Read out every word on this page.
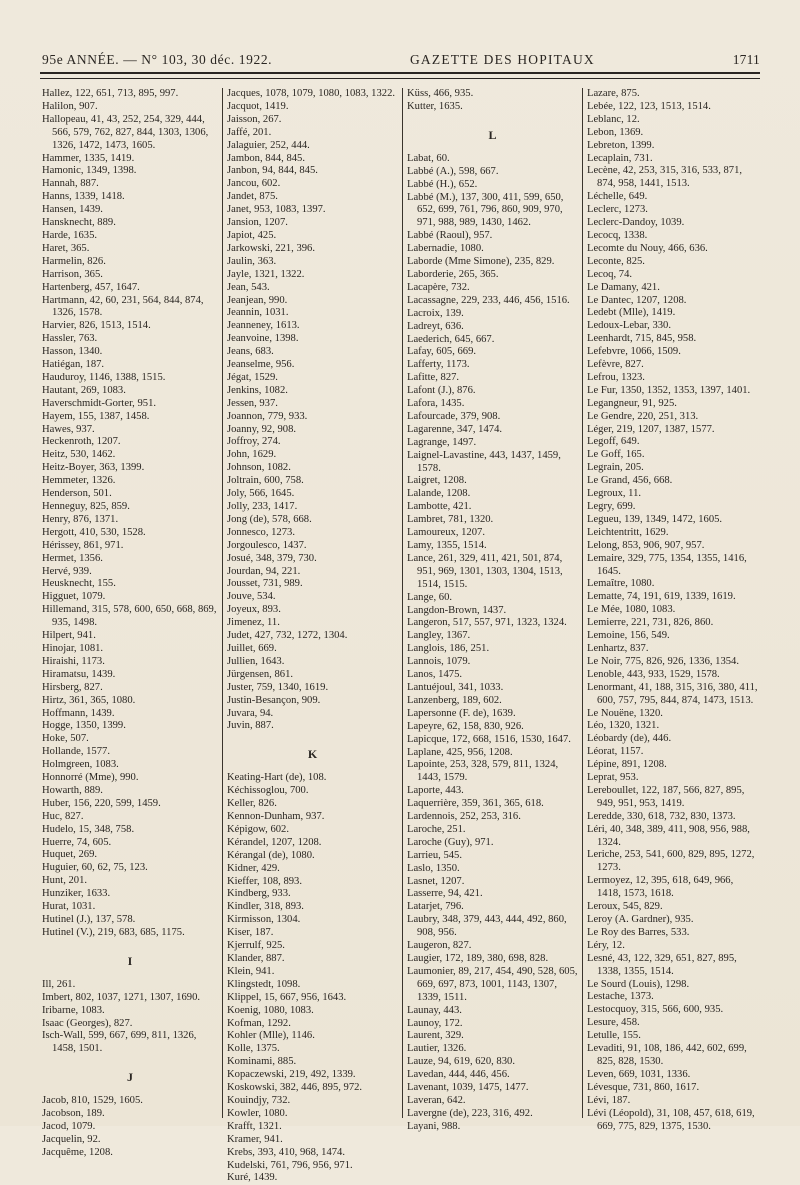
95e ANNÉE. — N° 103, 30 déc. 1922.	GAZETTE DES HOPITAUX	1711

Hallez, 122, 651, 713, 895, 997.

Halilon, 907.

Hallopeau, 41, 43, 252, 254, 329, 444, 566, 579, 762, 827, 844, 1303, 1306, 1326, 1472, 1473, 1605.

Hammer, 1335, 1419.

Hamonic, 1349, 1398.

Hannah, 887.

Hanns, 1339, 1418.

Hansen, 1439.

Hansknecht, 889.

Harde, 1635.

Haret, 365.

Harmelin, 826.

Harrison, 365.

Hartenberg, 457, 1647.

Hartmann, 42, 60, 231, 564, 844, 874, 1326, 1578.

Harvier, 826, 1513, 1514.

Hassler, 763.

Hasson, 1340.

Hatiégan, 187.

Hauduroy, 1146, 1388, 1515.

Hautant, 269, 1083.

Haverschmidt-Gorter, 951.

Hayem, 155, 1387, 1458.

Hawes, 937.

Heckenroth, 1207.

Heitz, 530, 1462.

Heitz-Boyer, 363, 1399.

Hemmeter, 1326.

Henderson, 501.

Henneguy, 825, 859.

Henry, 876, 1371.

Hergott, 410, 530, 1528.

Hérissey, 861, 971.

Hermet, 1356.

Hervé, 939.

Heusknecht, 155.

Higguet, 1079.

Hillemand, 315, 578, 600, 650, 668, 869, 935, 1498.

Hilpert, 941.

Hinojar, 1081.

Hiraishi, 1173.

Hiramatsu, 1439.

Hirsberg, 827.

Hirtz, 361, 365, 1080.

Hoffmann, 1439.

Hogge, 1350, 1399.

Hoke, 507.

Hollande, 1577.

Holmgreen, 1083.

Honnorré (Mme), 990.

Howarth, 889.

Huber, 156, 220, 599, 1459.

Huc, 827.

Hudelo, 15, 348, 758.

Huerre, 74, 605.

Huquet, 269.

Huguier, 60, 62, 75, 123.

Hunt, 201.

Hunziker, 1633.

Hurat, 1031.

Hutinel (J.), 137, 578.

Hutinel (V.), 219, 683, 685, 1175.

I

Ill, 261.

Imbert, 802, 1037, 1271, 1307, 1690.

Iribarne, 1083.

Isaac (Georges), 827.

Isch-Wall, 599, 667, 699, 811, 1326, 1458, 1501.

J

Jacob, 810, 1529, 1605.

Jacobson, 189.

Jacod, 1079.

Jacquelin, 92.

Jacquême, 1208.

Jacques, 1078, 1079, 1080, 1083, 1322.

Jacquot, 1419.

Jaisson, 267.

Jaffé, 201.

Jalaguier, 252, 444.

Jambon, 844, 845.

Janbon, 94, 844, 845.

Jancou, 602.

Jandet, 875.

Janet, 953, 1083, 1397.

Jansion, 1207.

Japiot, 425.

Jarkowski, 221, 396.

Jaulin, 363.

Jayle, 1321, 1322.

Jean, 543.

Jeanjean, 990.

Jeannin, 1031.

Jeanneney, 1613.

Jeanvoine, 1398.

Jeans, 683.

Jeanselme, 956.

Jégat, 1529.

Jenkins, 1082.

Jessen, 937.

Joannon, 779, 933.

Joanny, 92, 908.

Joffroy, 274.

John, 1629.

Johnson, 1082.

Joltrain, 600, 758.

Joly, 566, 1645.

Jolly, 233, 1417.

Jong (de), 578, 668.

Jonnesco, 1273.

Jorgoulesco, 1437.

Josué, 348, 379, 730.

Jourdan, 94, 221.

Jousset, 731, 989.

Jouve, 534.

Joyeux, 893.

Jimenez, 11.

Judet, 427, 732, 1272, 1304.

Juillet, 669.

Jullien, 1643.

Jürgensen, 861.

Juster, 759, 1340, 1619.

Justin-Besançon, 909.

Juvara, 94.

Juvin, 887.

K

Keating-Hart (de), 108.

Kéchissoglou, 700.

Keller, 826.

Kennon-Dunham, 937.

Képigow, 602.

Kérandel, 1207, 1208.

Kérangal (de), 1080.

Kidner, 429.

Kieffer, 108, 893.

Kindberg, 933.

Kindler, 318, 893.

Kirmisson, 1304.

Kiser, 187.

Kjerrulf, 925.

Klander, 887.

Klein, 941.

Klingstedt, 1098.

Klippel, 15, 667, 956, 1643.

Koenig, 1080, 1083.

Kofman, 1292.

Kohler (Mlle), 1146.

Kolle, 1375.

Kominami, 885.

Kopaczewski, 219, 492, 1339.

Koskowski, 382, 446, 895, 972.

Kouindjy, 732.

Kowler, 1080.

Krafft, 1321.

Kramer, 941.

Krebs, 393, 410, 968, 1474.

Kudelski, 761, 796, 956, 971.

Kuré, 1439.

Küss, 466, 935.

Kutter, 1635.

L

Labat, 60.

Labbé (A.), 598, 667.

Labbé (H.), 652.

Labbé (M.), 137, 300, 411, 599, 650, 652, 699, 761, 796, 860, 909, 970, 971, 988, 989, 1430, 1462.

Labbé (Raoul), 957.

Labernadie, 1080.

Laborde (Mme Simone), 235, 829.

Laborderie, 265, 365.

Lacapère, 732.

Lacassagne, 229, 233, 446, 456, 1516.

Lacroix, 139.

Ladreyt, 636.

Laederich, 645, 667.

Lafay, 605, 669.

Lafferty, 1173.

Lafitte, 827.

Lafont (J.), 876.

Lafora, 1435.

Lafourcade, 379, 908.

Lagarenne, 347, 1474.

Lagrange, 1497.

Laignel-Lavastine, 443, 1437, 1459, 1578.

Laigret, 1208.

Lalande, 1208.

Lambotte, 421.

Lambret, 781, 1320.

Lamoureux, 1207.

Lamy, 1355, 1514.

Lance, 261, 329, 411, 421, 501, 874, 951, 969, 1301, 1303, 1304, 1513, 1514, 1515.

Lange, 60.

Langdon-Brown, 1437.

Langeron, 517, 557, 971, 1323, 1324.

Langley, 1367.

Langlois, 186, 251.

Lannois, 1079.

Lanos, 1475.

Lantuéjoul, 341, 1033.

Lanzenberg, 189, 602.

Lapersonne (F. de), 1639.

Lapeyre, 62, 158, 830, 926.

Lapicque, 172, 668, 1516, 1530, 1647.

Laplane, 425, 956, 1208.

Lapointe, 253, 328, 579, 811, 1324, 1443, 1579.

Laporte, 443.

Laquerrière, 359, 361, 365, 618.

Lardennois, 252, 253, 316.

Laroche, 251.

Laroche (Guy), 971.

Larrieu, 545.

Laslo, 1350.

Lasnet, 1207.

Lasserre, 94, 421.

Latarjet, 796.

Laubry, 348, 379, 443, 444, 492, 860, 908, 956.

Laugeron, 827.

Laugier, 172, 189, 380, 698, 828.

Laumonier, 89, 217, 454, 490, 528, 605, 669, 697, 873, 1001, 1143, 1307, 1339, 1511.

Launay, 443.

Launoy, 172.

Laurent, 329.

Lautier, 1326.

Lauze, 94, 619, 620, 830.

Lavedan, 444, 446, 456.

Lavenant, 1039, 1475, 1477.

Laveran, 642.

Lavergne (de), 223, 316, 492.

Layani, 988.

Lazare, 875.

Lebée, 122, 123, 1513, 1514.

Leblanc, 12.

Lebon, 1369.

Lebreton, 1399.

Lecaplain, 731.

Lecène, 42, 253, 315, 316, 533, 871, 874, 958, 1441, 1513.

Léchelle, 649.

Leclerc, 1273.

Leclerc-Dandoy, 1039.

Lecocq, 1338.

Lecomte du Nouy, 466, 636.

Leconte, 825.

Lecoq, 74.

Le Damany, 421.

Le Dantec, 1207, 1208.

Ledebt (Mlle), 1419.

Ledoux-Lebar, 330.

Leenhardt, 715, 845, 958.

Lefebvre, 1066, 1509.

Lefèvre, 827.

Lefrou, 1323.

Le Fur, 1350, 1352, 1353, 1397, 1401.

Legangneur, 91, 925.

Le Gendre, 220, 251, 313.

Léger, 219, 1207, 1387, 1577.

Legoff, 649.

Le Goff, 165.

Legrain, 205.

Le Grand, 456, 668.

Legroux, 11.

Legry, 699.

Legueu, 139, 1349, 1472, 1605.

Leichtentritt, 1629.

Lelong, 853, 906, 907, 957.

Lemaire, 329, 775, 1354, 1355, 1416, 1645.

Lemaître, 1080.

Lematte, 74, 191, 619, 1339, 1619.

Le Mée, 1080, 1083.

Lemierre, 221, 731, 826, 860.

Lemoine, 156, 549.

Lenhartz, 837.

Le Noir, 775, 826, 926, 1336, 1354.

Lenoble, 443, 933, 1529, 1578.

Lenormant, 41, 188, 315, 316, 380, 411, 600, 757, 795, 844, 874, 1473, 1513.

Le Nouëne, 1320.

Léo, 1320, 1321.

Léobardy (de), 446.

Léorat, 1157.

Lépine, 891, 1208.

Leprat, 953.

Lereboullet, 122, 187, 566, 827, 895, 949, 951, 953, 1419.

Leredde, 330, 618, 732, 830, 1373.

Léri, 40, 348, 389, 411, 908, 956, 988, 1324.

Leriche, 253, 541, 600, 829, 895, 1272, 1273.

Lermoyez, 12, 395, 618, 649, 966, 1418, 1573, 1618.

Leroux, 545, 829.

Leroy (A. Gardner), 935.

Le Roy des Barres, 533.

Léry, 12.

Lesné, 43, 122, 329, 651, 827, 895, 1338, 1355, 1514.

Le Sourd (Louis), 1298.

Lestache, 1373.

Lestocquoy, 315, 566, 600, 935.

Lesure, 458.

Letulle, 155.

Levaditi, 91, 108, 186, 442, 602, 699, 825, 828, 1530.

Leven, 669, 1031, 1336.

Lévesque, 731, 860, 1617.

Lévi, 187.

Lévi (Léopold), 31, 108, 457, 618, 619, 669, 775, 829, 1375, 1530.
